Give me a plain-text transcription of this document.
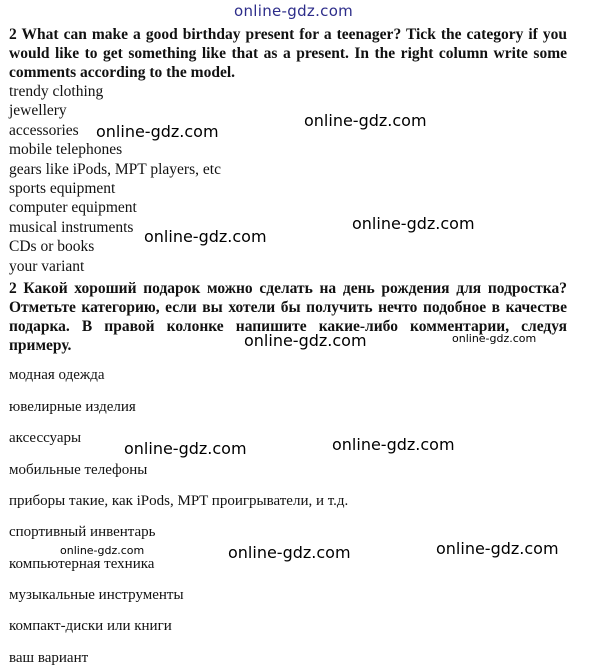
online-gdz.com
2 What can make a good birthday present for a teenager? Tick the category if you would like to get something like that as a present. In the right column write some comments according to the model.
trendy clothing
jewellery
accessories
mobile telephones
gears like iPods, MPT players, etc
sports equipment
computer equipment
musical instruments
CDs or books
your variant
2 Какой хороший подарок можно сделать на день рождения для подростка? Отметьте категорию, если вы хотели бы получить нечто подобное в качестве подарка. В правой колонке напишите какие-либо комментарии, следуя примеру.
модная одежда
ювелирные изделия
аксессуары
мобильные телефоны
приборы такие, как iPods, MPT проигрыватели, и т.д.
спортивный инвентарь
компьютерная техника
музыкальные инструменты
компакт-диски или книги
ваш вариант
online-gdz.com
online-gdz.com
online-gdz.com
online-gdz.com
online-gdz.com	online-gdz.com
online-gdz.com	online-gdz.com
online-gdz.com	online-gdz.com	online-gdz.com
